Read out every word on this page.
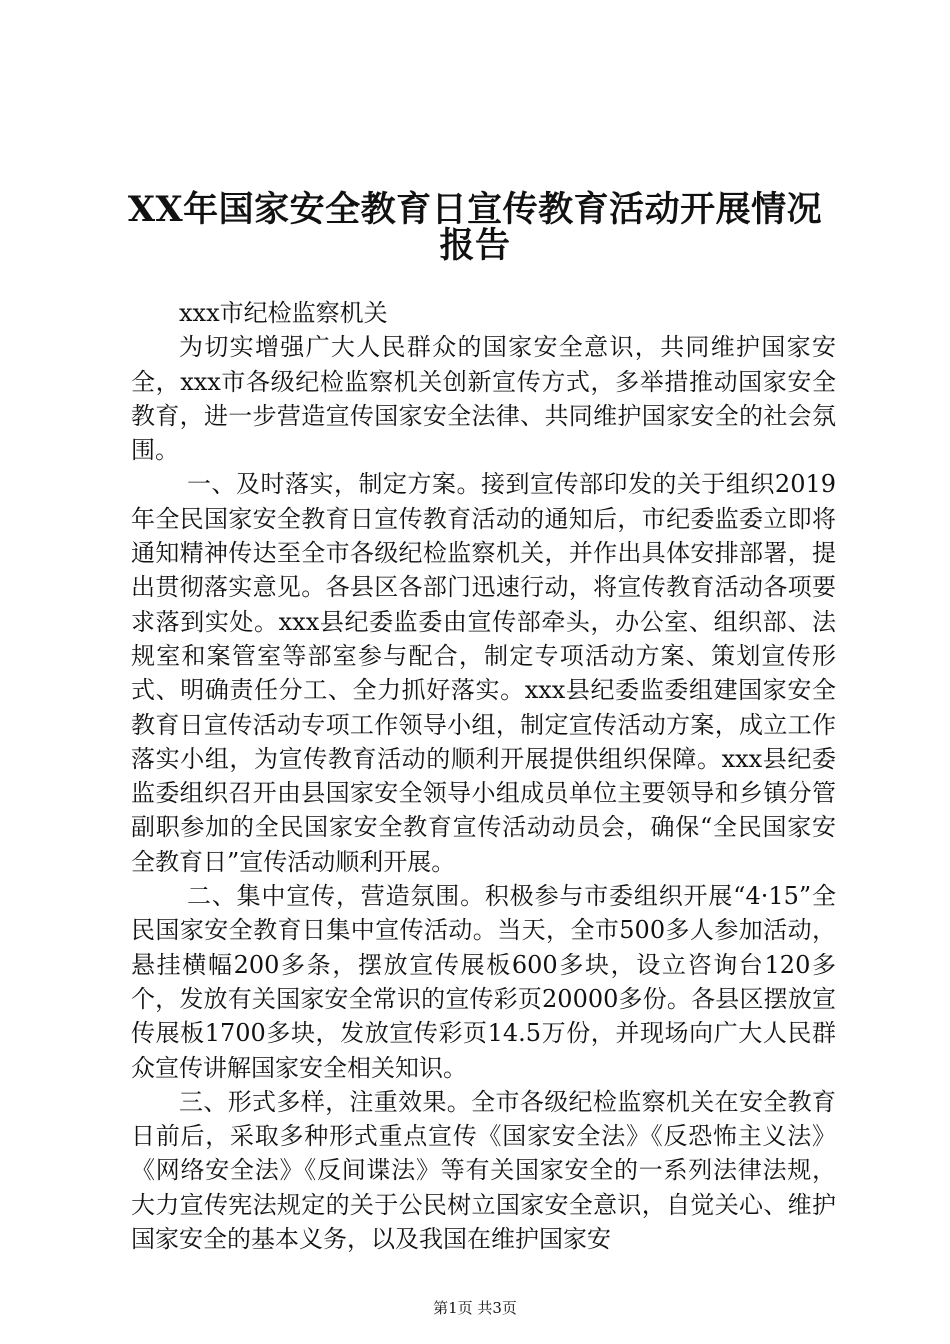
XX年国家安全教育日宣传教育活动开展情况
报告

xxx市纪检监察机关

为切实增强广大人民群众的国家安全意识，共同维护国家安全，xxx市各级纪检监察机关创新宣传方式，多举措推动国家安全教育，进一步营造宣传国家安全法律、共同维护国家安全的社会氛围。

一、及时落实，制定方案。接到宣传部印发的关于组织2019年全民国家安全教育日宣传教育活动的通知后，市纪委监委立即将通知精神传达至全市各级纪检监察机关，并作出具体安排部署，提出贯彻落实意见。各县区各部门迅速行动，将宣传教育活动各项要求落到实处。xxx县纪委监委由宣传部牵头，办公室、组织部、法规室和案管室等部室参与配合，制定专项活动方案、策划宣传形式、明确责任分工、全力抓好落实。xxx县纪委监委组建国家安全教育日宣传活动专项工作领导小组，制定宣传活动方案，成立工作落实小组，为宣传教育活动的顺利开展提供组织保障。xxx县纪委监委组织召开由县国家安全领导小组成员单位主要领导和乡镇分管副职参加的全民国家安全教育宣传活动动员会，确保“全民国家安全教育日”宣传活动顺利开展。

二、集中宣传，营造氛围。积极参与市委组织开展“4·15”全民国家安全教育日集中宣传活动。当天，全市500多人参加活动，悬挂横幅200多条，摆放宣传展板600多块，设立咨询台120多个，发放有关国家安全常识的宣传彩页20000多份。各县区摆放宣传展板1700多块，发放宣传彩页14.5万份，并现场向广大人民群众宣传讲解国家安全相关知识。

三、形式多样，注重效果。全市各级纪检监察机关在安全教育日前后，采取多种形式重点宣传《国家安全法》《反恐怖主义法》《网络安全法》《反间谍法》等有关国家安全的一系列法律法规，大力宣传宪法规定的关于公民树立国家安全意识，自觉关心、维护国家安全的基本义务，以及我国在维护国家安

第1页 共3页
